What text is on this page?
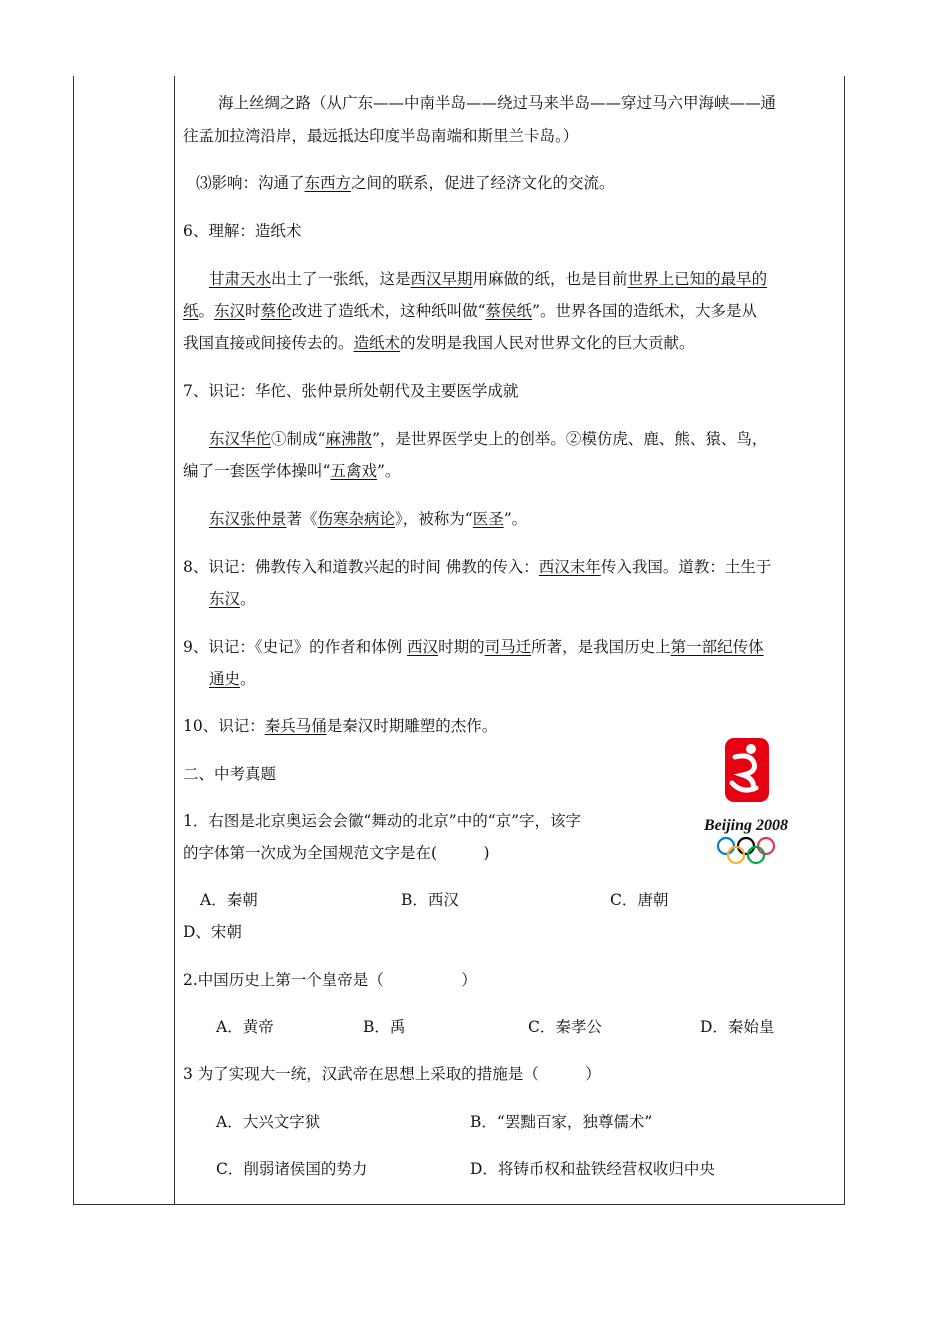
海上丝绸之路（从广东——中南半岛——绕过马来半岛——穿过马六甲海峡——通
往孟加拉湾沿岸，最远抵达印度半岛南端和斯里兰卡岛。）
⑶影响：沟通了东西方之间的联系，促进了经济文化的交流。
6、理解：造纸术
甘肃天水出土了一张纸，这是西汉早期用麻做的纸，也是目前世界上已知的最早的
纸。东汉时蔡伦改进了造纸术，这种纸叫做“蔡侯纸”。世界各国的造纸术，大多是从
我国直接或间接传去的。造纸术的发明是我国人民对世界文化的巨大贡献。
7、识记：华佗、张仲景所处朝代及主要医学成就
东汉华佗①制成“麻沸散”，是世界医学史上的创举。②模仿虎、鹿、熊、猿、鸟，
编了一套医学体操叫“五禽戏”。
东汉张仲景著《伤寒杂病论》，被称为“医圣”。
8、识记：佛教传入和道教兴起的时间 佛教的传入：西汉末年传入我国。道教：土生于
东汉。
9、识记：《史记》的作者和体例 西汉时期的司马迁所著，是我国历史上第一部纪传体
通史。
10、识记：秦兵马俑是秦汉时期雕塑的杰作。
二、中考真题
1．右图是北京奥运会会徽“舞动的北京”中的“京”字，该字
的字体第一次成为全国规范文字是在(　　　)
A．秦朝	B．西汉	C．唐朝
D、宋朝
2.中国历史上第一个皇帝是（　　　　　）
A．黄帝	B．禹	C．秦孝公	D．秦始皇
3 为了实现大一统，汉武帝在思想上采取的措施是（　　　）
A．大兴文字狱	B．“罢黜百家，独尊儒术”
C．削弱诸侯国的势力	D．将铸币权和盐铁经营权收归中央
Beijing 2008
